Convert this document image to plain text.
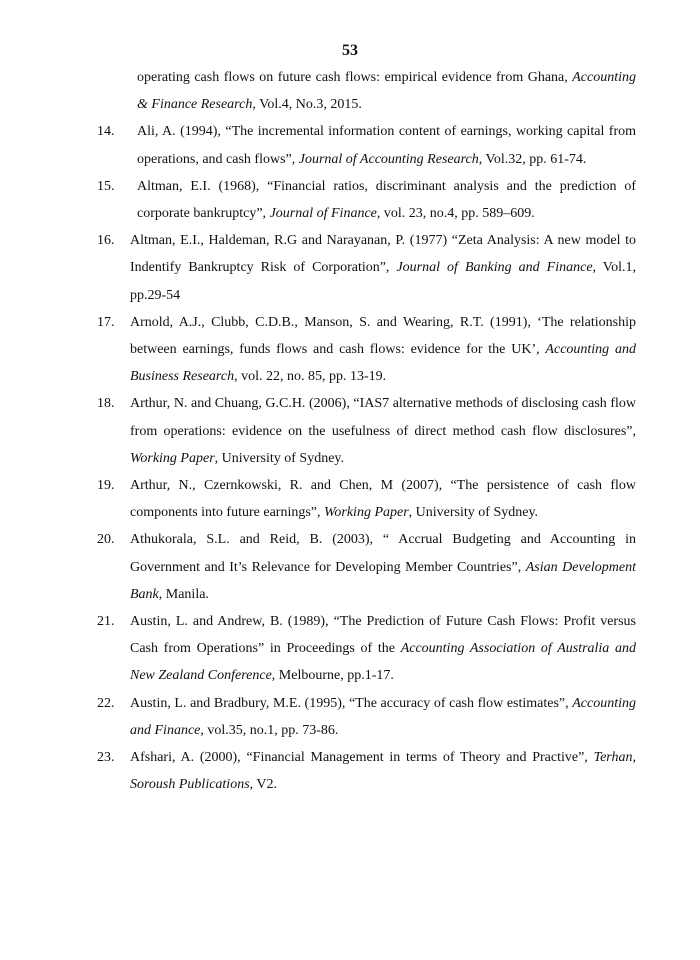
53
operating cash flows on future cash flows: empirical evidence from Ghana, Accounting & Finance Research, Vol.4, No.3, 2015.
14. Ali, A. (1994), “The incremental information content of earnings, working capital from operations, and cash flows”, Journal of Accounting Research, Vol.32, pp. 61-74.
15. Altman, E.I. (1968), “Financial ratios, discriminant analysis and the prediction of corporate bankruptcy”, Journal of Finance, vol. 23, no.4, pp. 589–609.
16. Altman, E.I., Haldeman, R.G and Narayanan, P. (1977) “Zeta Analysis: A new model to Indentify Bankruptcy Risk of Corporation”, Journal of Banking and Finance, Vol.1, pp.29-54
17. Arnold, A.J., Clubb, C.D.B., Manson, S. and Wearing, R.T. (1991), ‘The relationship between earnings, funds flows and cash flows: evidence for the UK’, Accounting and Business Research, vol. 22, no. 85, pp. 13-19.
18. Arthur, N. and Chuang, G.C.H. (2006), “IAS7 alternative methods of disclosing cash flow from operations: evidence on the usefulness of direct method cash flow disclosures”, Working Paper, University of Sydney.
19. Arthur, N., Czernkowski, R. and Chen, M (2007), “The persistence of cash flow components into future earnings”, Working Paper, University of Sydney.
20. Athukorala, S.L. and Reid, B. (2003), “ Accrual Budgeting and Accounting in Government and It’s Relevance for Developing Member Countries”, Asian Development Bank, Manila.
21. Austin, L. and Andrew, B. (1989), “The Prediction of Future Cash Flows: Profit versus Cash from Operations” in Proceedings of the Accounting Association of Australia and New Zealand Conference, Melbourne, pp.1-17.
22. Austin, L. and Bradbury, M.E. (1995), “The accuracy of cash flow estimates”, Accounting and Finance, vol.35, no.1, pp. 73-86.
23. Afshari, A. (2000), “Financial Management in terms of Theory and Practive”, Terhan, Soroush Publications, V2.
